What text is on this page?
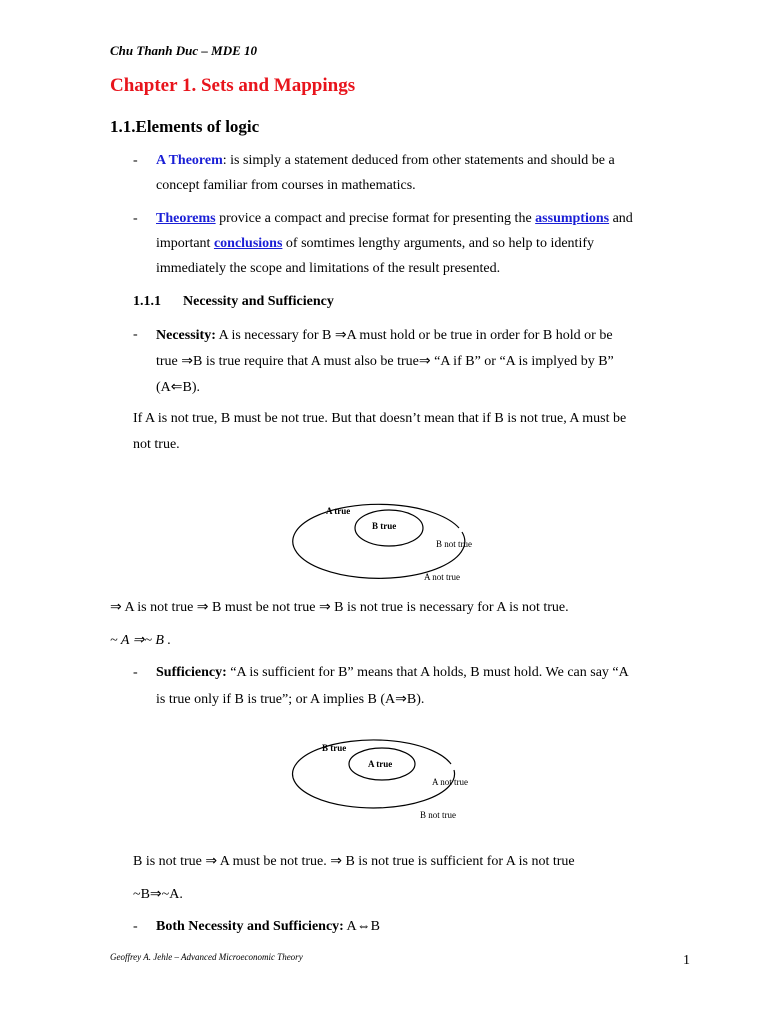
Chu Thanh Duc – MDE 10
Chapter 1. Sets and Mappings
1.1.Elements of logic
- A Theorem: is simply a statement deduced from other statements and should be a
concept familiar from courses in mathematics.
- Theorems provice a compact and precise format for presenting the assumptions and
important conclusions of somtimes lengthy arguments, and so help to identify
immediately the scope and limitations of the result presented.
1.1.1 Necessity and Sufficiency
- Necessity: A is necessary for B ⇒A must hold or be true in order for B hold or be
true ⇒B is true require that A must also be true⇒ “A if B” or “A is implyed by B”
(A⇐B).
If A is not true, B must be not true. But that doesn’t mean that if B is not true, A must be
not true.
A true
B true
B not true
A not true
⇒ A is not true ⇒ B must be not true ⇒ B is not true is necessary for A is not true.
~ A ⇒~ B .
- Sufficiency: “A is sufficient for B” means that A holds, B must hold. We can say “A
is true only if B is true”; or A implies B (A⇒B).
B true
A true
A not true
B not true
B is not true ⇒ A must be not true. ⇒ B is not true is sufficient for A is not true
~B⇒~A.
- Both Necessity and Sufficiency: A⇔B
Geoffrey A. Jehle – Advanced Microeconomic Theory	1
